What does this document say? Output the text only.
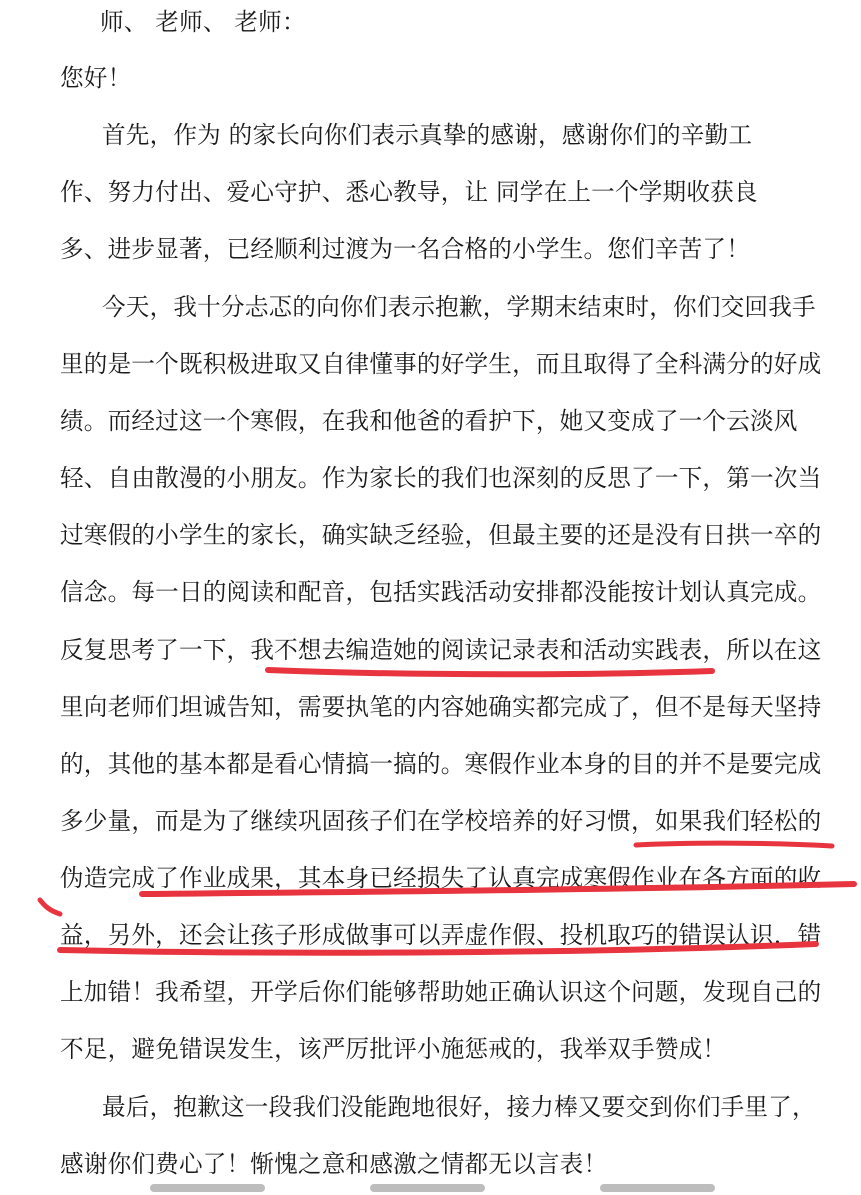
师、 老师、 老师：
您好！
首先，作为 的家长向你们表示真挚的感谢，感谢你们的辛勤工
作、努力付出、爱心守护、悉心教导，让 同学在上一个学期收获良
多、进步显著，已经顺利过渡为一名合格的小学生。您们辛苦了！
今天，我十分忐忑的向你们表示抱歉，学期末结束时，你们交回我手
里的是一个既积极进取又自律懂事的好学生，而且取得了全科满分的好成
绩。而经过这一个寒假，在我和他爸的看护下，她又变成了一个云淡风
轻、自由散漫的小朋友。作为家长的我们也深刻的反思了一下，第一次当
过寒假的小学生的家长，确实缺乏经验，但最主要的还是没有日拱一卒的
信念。每一日的阅读和配音，包括实践活动安排都没能按计划认真完成。
反复思考了一下，我不想去编造她的阅读记录表和活动实践表，所以在这
里向老师们坦诚告知，需要执笔的内容她确实都完成了，但不是每天坚持
的，其他的基本都是看心情搞一搞的。寒假作业本身的目的并不是要完成
多少量，而是为了继续巩固孩子们在学校培养的好习惯，如果我们轻松的
伪造完成了作业成果，其本身已经损失了认真完成寒假作业在各方面的收
益，另外，还会让孩子形成做事可以弄虚作假、投机取巧的错误认识，错
上加错！我希望，开学后你们能够帮助她正确认识这个问题，发现自己的
不足，避免错误发生，该严厉批评小施惩戒的，我举双手赞成！
最后，抱歉这一段我们没能跑地很好，接力棒又要交到你们手里了，
感谢你们费心了！惭愧之意和感激之情都无以言表！
